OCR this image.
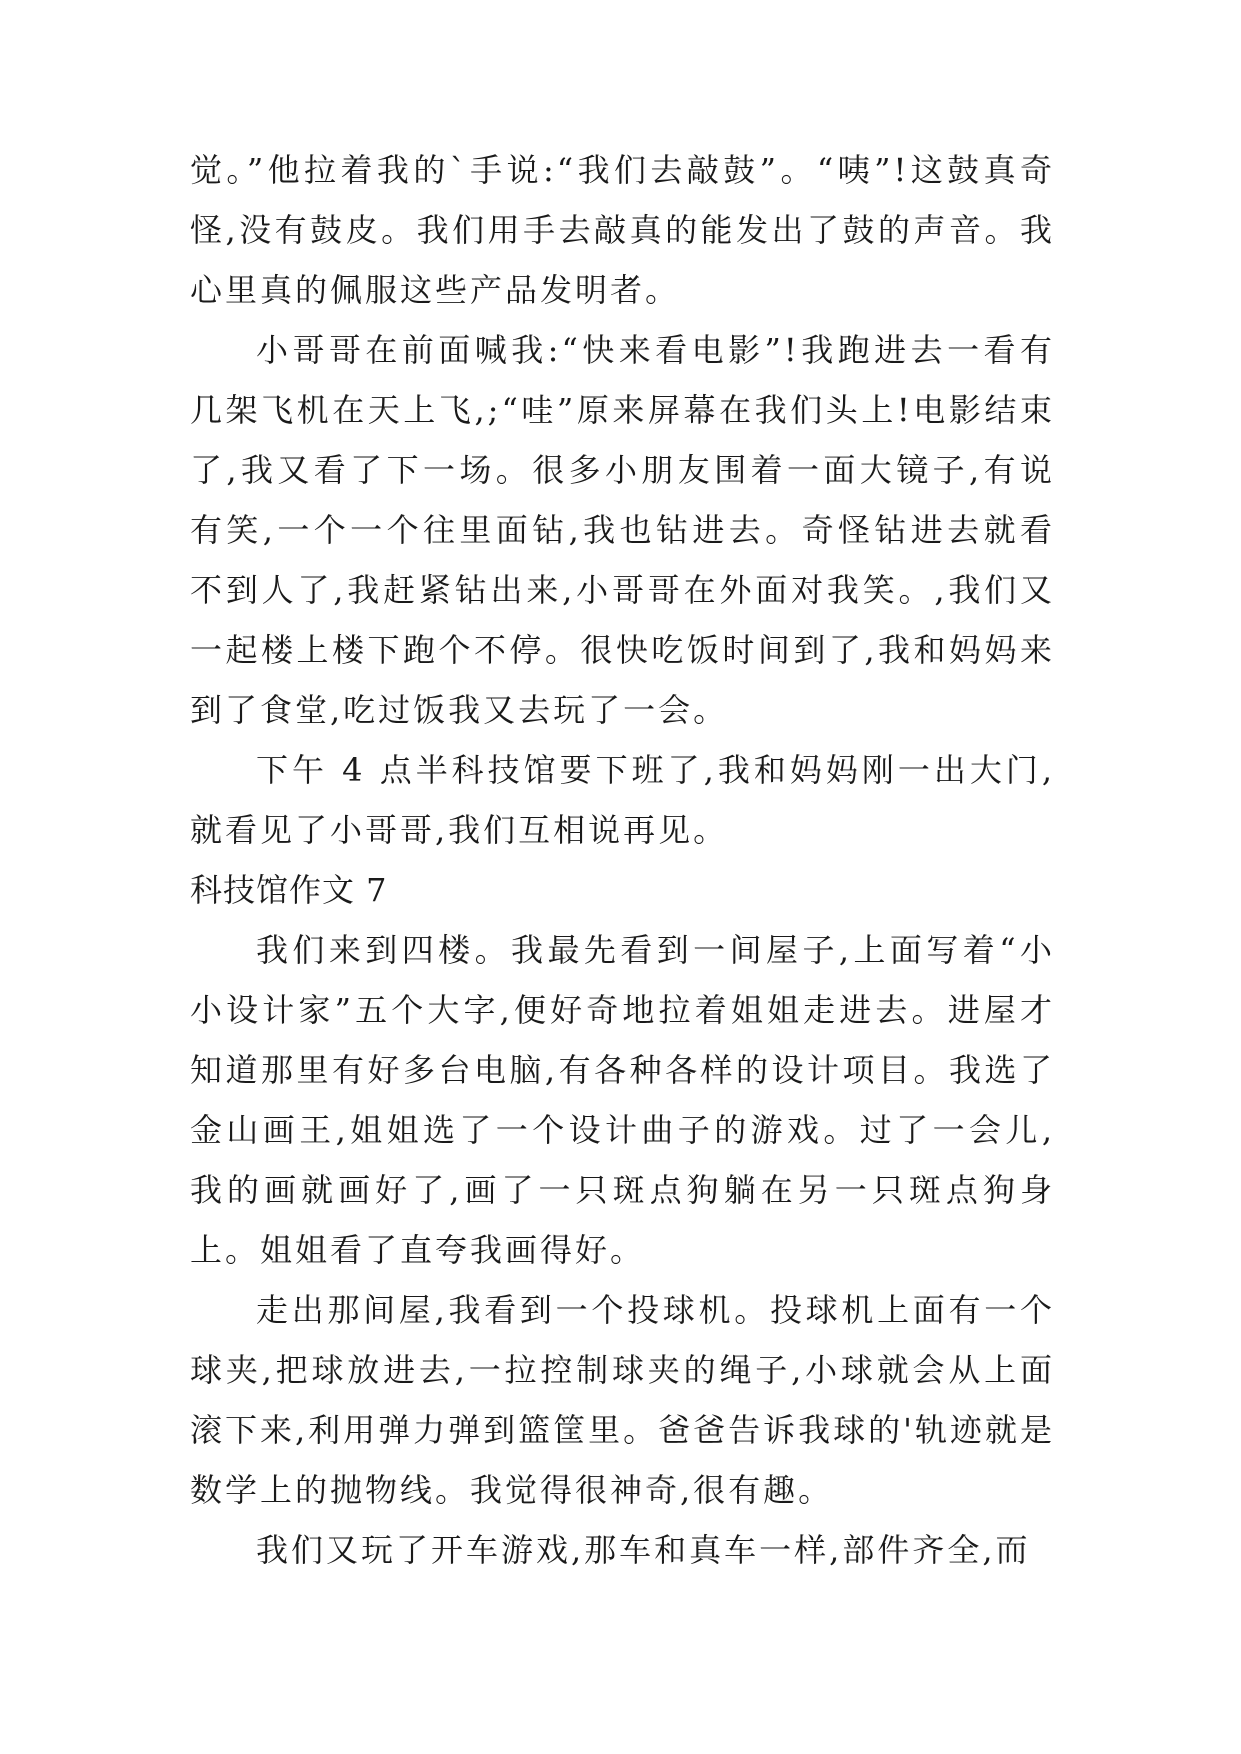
觉。”他拉着我的`手说:“我们去敲鼓”。“咦”!这鼓真奇怪,没有鼓皮。我们用手去敲真的能发出了鼓的声音。我心里真的佩服这些产品发明者。

小哥哥在前面喊我:“快来看电影”!我跑进去一看有几架飞机在天上飞,;“哇”原来屏幕在我们头上!电影结束了,我又看了下一场。很多小朋友围着一面大镜子,有说有笑,一个一个往里面钻,我也钻进去。奇怪钻进去就看不到人了,我赶紧钻出来,小哥哥在外面对我笑。,我们又一起楼上楼下跑个不停。很快吃饭时间到了,我和妈妈来到了食堂,吃过饭我又去玩了一会。

下午 4 点半科技馆要下班了,我和妈妈刚一出大门,就看见了小哥哥,我们互相说再见。

科技馆作文 7

我们来到四楼。我最先看到一间屋子,上面写着“小小设计家”五个大字,便好奇地拉着姐姐走进去。进屋才知道那里有好多台电脑,有各种各样的设计项目。我选了金山画王,姐姐选了一个设计曲子的游戏。过了一会儿,我的画就画好了,画了一只斑点狗躺在另一只斑点狗身上。姐姐看了直夸我画得好。

走出那间屋,我看到一个投球机。投球机上面有一个球夹,把球放进去,一拉控制球夹的绳子,小球就会从上面滚下来,利用弹力弹到篮筐里。爸爸告诉我球的'轨迹就是数学上的抛物线。我觉得很神奇,很有趣。

我们又玩了开车游戏,那车和真车一样,部件齐全,而
